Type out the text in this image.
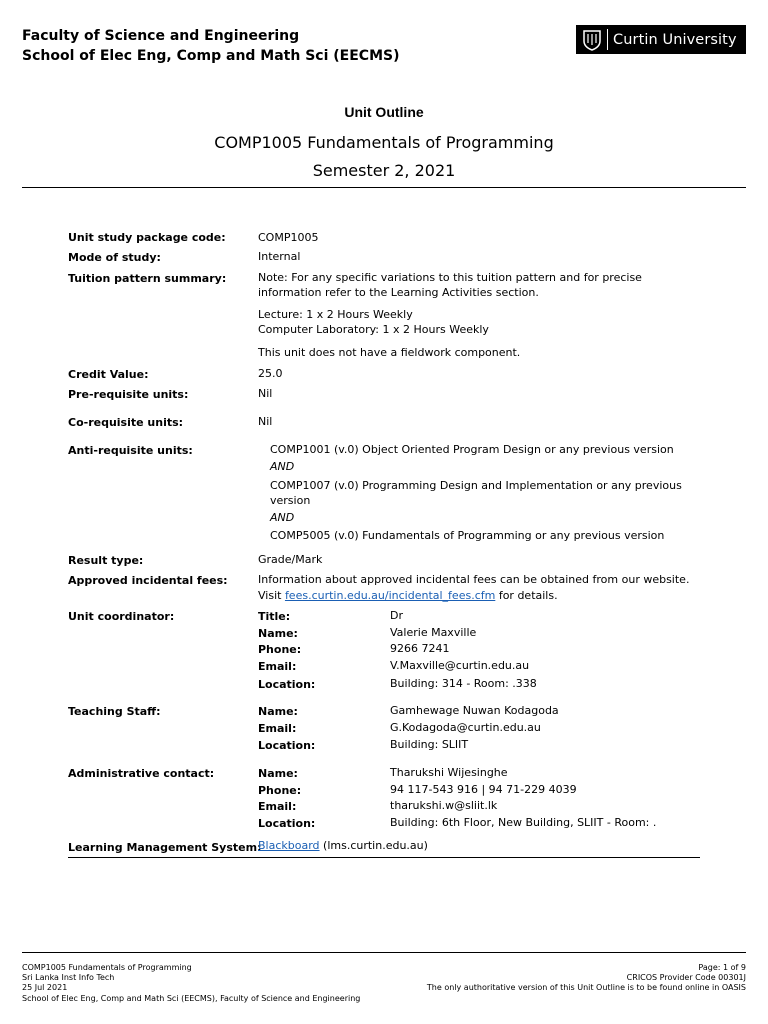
Faculty of Science and Engineering
School of Elec Eng, Comp and Math Sci (EECMS)
Curtin University
Unit Outline
COMP1005 Fundamentals of Programming
Semester 2, 2021
Unit study package code:	COMP1005
Mode of study:	Internal
Tuition pattern summary:	Note: For any specific variations to this tuition pattern and for precise information refer to the Learning Activities section.
Lecture: 1 x 2 Hours Weekly
Computer Laboratory: 1 x 2 Hours Weekly
This unit does not have a fieldwork component.
Credit Value:	25.0
Pre-requisite units:	Nil
Co-requisite units:	Nil
Anti-requisite units:	COMP1001 (v.0) Object Oriented Program Design or any previous version
AND
COMP1007 (v.0) Programming Design and Implementation or any previous version
AND
COMP5005 (v.0) Fundamentals of Programming or any previous version
Result type:	Grade/Mark
Approved incidental fees:	Information about approved incidental fees can be obtained from our website.
Visit fees.curtin.edu.au/incidental_fees.cfm for details.
Unit coordinator:	Title:	Dr
Name:	Valerie Maxville
Phone:	9266 7241
Email:	V.Maxville@curtin.edu.au
Location:	Building: 314 - Room: .338
Teaching Staff:	Name:	Gamhewage Nuwan Kodagoda
Email:	G.Kodagoda@curtin.edu.au
Location:	Building: SLIIT
Administrative contact:	Name:	Tharukshi Wijesinghe
Phone:	94 117-543 916 | 94 71-229 4039
Email:	tharukshi.w@sliit.lk
Location:	Building: 6th Floor, New Building, SLIIT - Room: .
Learning Management System:
Blackboard (lms.curtin.edu.au)
COMP1005 Fundamentals of Programming
Sri Lanka Inst Info Tech
25 Jul 2021
School of Elec Eng, Comp and Math Sci (EECMS), Faculty of Science and Engineering
Page: 1 of 9
CRICOS Provider Code 00301J
The only authoritative version of this Unit Outline is to be found online in OASIS
